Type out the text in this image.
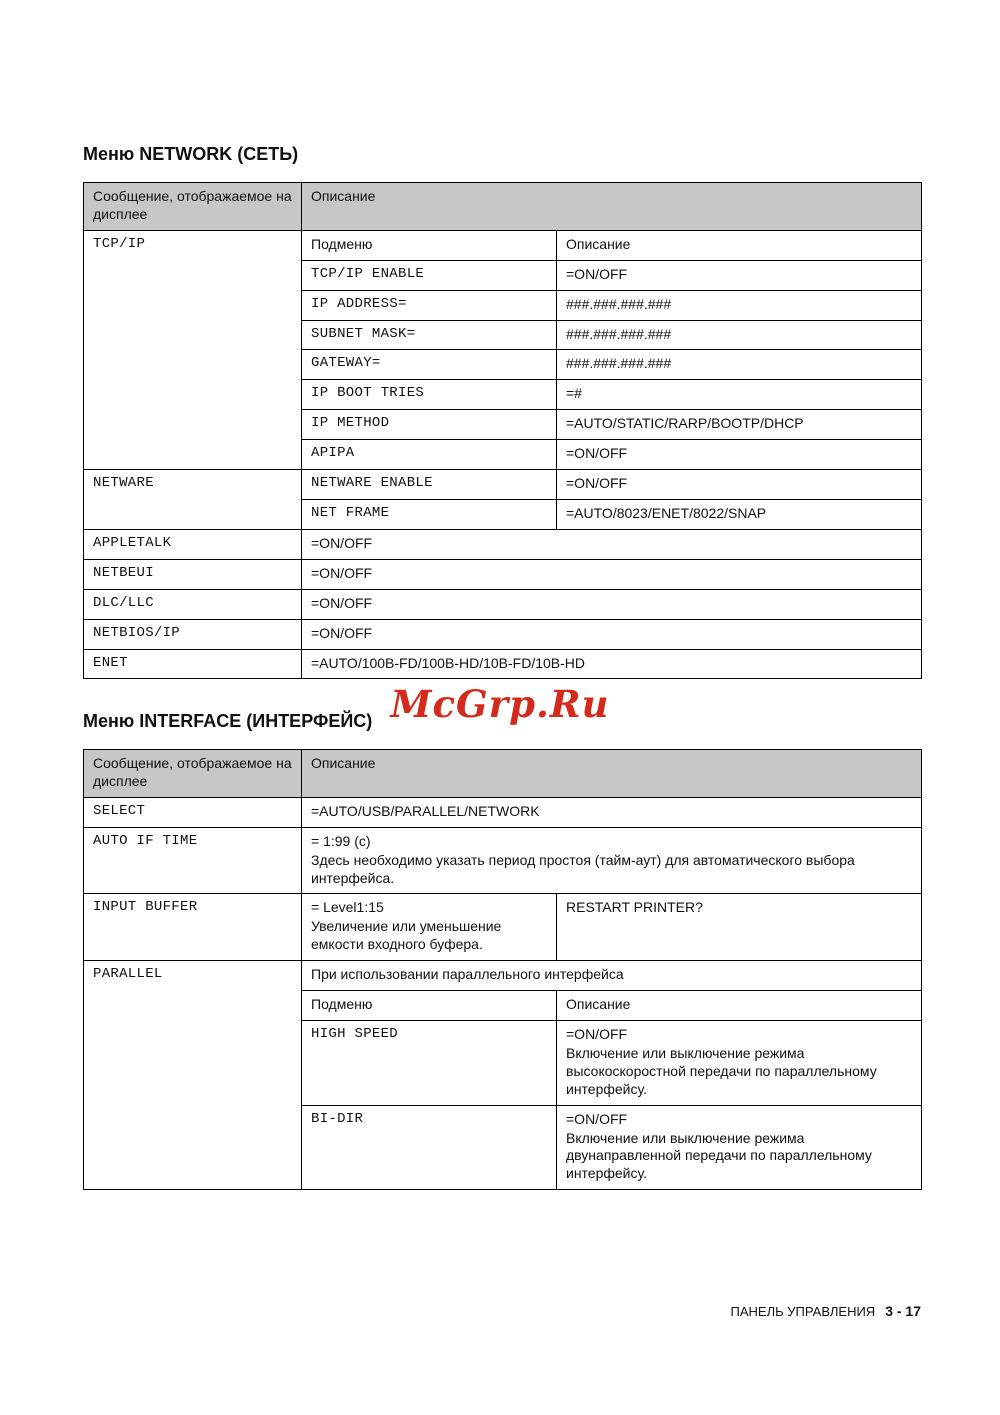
Меню NETWORK (СЕТЬ)
Сообщение, отображаемое на дисплее	Описание	
TCP/IP	Подменю	Описание
	TCP/IP ENABLE	=ON/OFF
	IP ADDRESS=	###.###.###.###
	SUBNET MASK=	###.###.###.###
	GATEWAY=	###.###.###.###
	IP BOOT TRIES	=#
	IP METHOD	=AUTO/STATIC/RARP/BOOTP/DHCP
	APIPA	=ON/OFF
NETWARE	NETWARE ENABLE	=ON/OFF
	NET FRAME	=AUTO/8023/ENET/8022/SNAP
APPLETALK	=ON/OFF	
NETBEUI	=ON/OFF	
DLC/LLC	=ON/OFF	
NETBIOS/IP	=ON/OFF	
ENET	=AUTO/100B-FD/100B-HD/10B-FD/10B-HD	
McGrp.Ru
Меню INTERFACE (ИНТЕРФЕЙС)
Сообщение, отображаемое на дисплее	Описание	
SELECT	=AUTO/USB/PARALLEL/NETWORK	
AUTO IF TIME	= 1:99 (с)
Здесь необходимо указать период простоя (тайм-аут) для автоматического выбора интерфейса.	

INPUT BUFFER	= Level1:15
Увеличение или уменьшение емкости входного буфера.	RESTART PRINTER?
PARALLEL	При использовании параллельного интерфейса	
	Подменю	Описание
	HIGH SPEED	=ON/OFF
Включение или выключение режима высокоскоростной передачи по параллельному интерфейсу.

	BI-DIR	=ON/OFF
Включение или выключение режима двунаправленной передачи по параллельному интерфейсу.
ПАНЕЛЬ УПРАВЛЕНИЯ 3 - 17
